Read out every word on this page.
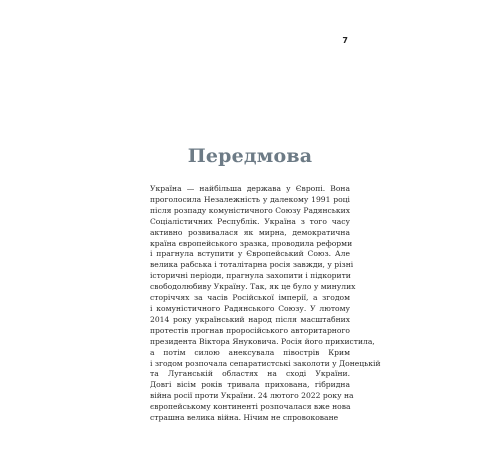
7
Передмова
Україна — найбільша держава у Європі. Вона
проголосила Незалежність у далекому 1991 році
після розпаду комуністичного Союзу Радянських
Соціалістичних Республік. Україна з того часу
активно розвивалася як мирна, демократична
країна європейського зразка, проводила реформи
і прагнула вступити у Європейський Союз. Але
велика рабська і тоталітарна росія завжди, у різні
історичні періоди, прагнула захопити і підкорити
свободолюбиву Україну. Так, як це було у минулих
сторіччях за часів Російської імперії, а згодом
і комуністичного Радянського Союзу. У лютому
2014 року український народ після масштабних
протестів прогнав проросійського авторитарного
президента Віктора Януковича. Росія його прихистила,
а потім силою анексувала півострів Крим
і згодом розпочала сепаратистські заколоти у Донецькій
та Луганській областях на сході України.
Довгі вісім років тривала прихована, гібридна
війна росії проти України. 24 лютого 2022 року на
європейському континенті розпочалася вже нова
страшна велика війна. Нічим не спровоковане
